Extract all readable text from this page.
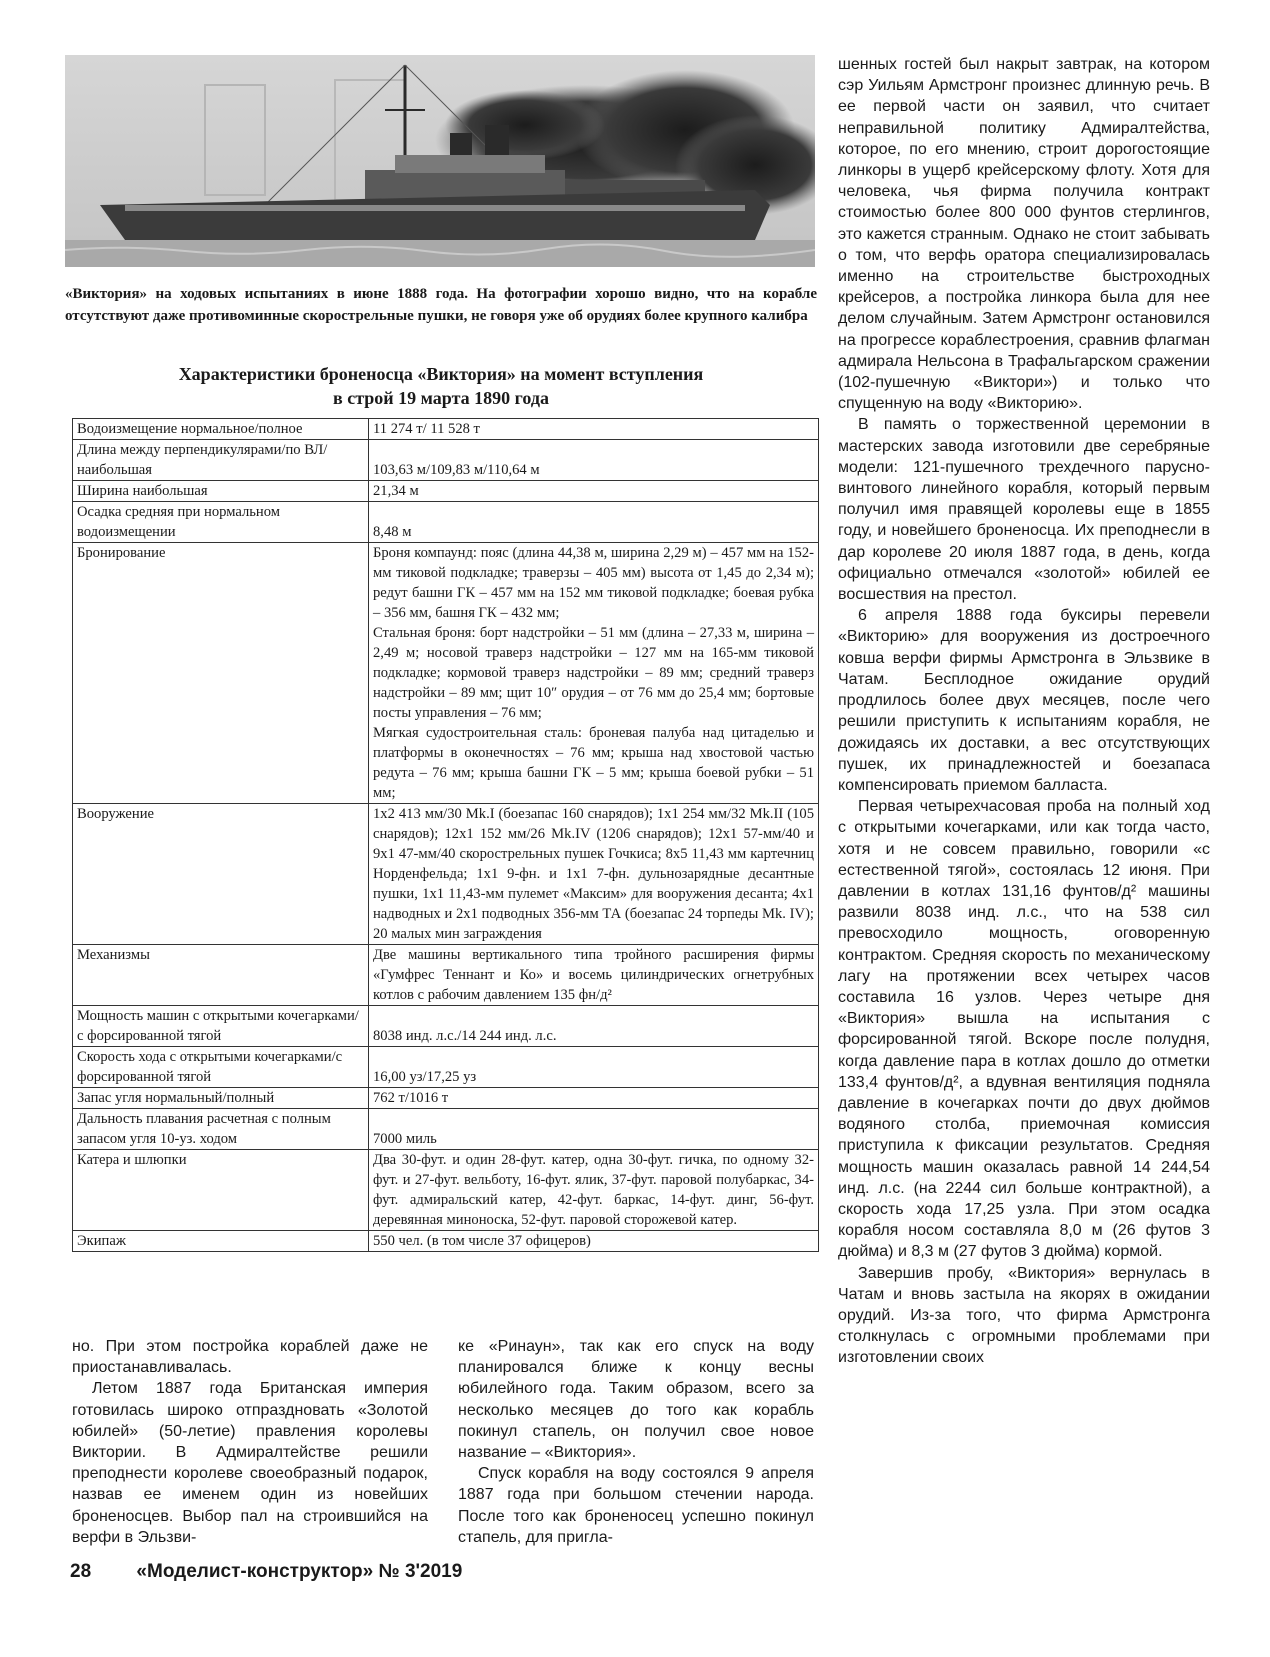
«Виктория» на ходовых испытаниях в июне 1888 года. На фотографии хорошо видно, что на корабле отсутствуют даже противоминные скорострельные пушки, не говоря уже об орудиях более крупного калибра
Характеристики броненосца «Виктория» на момент вступления
в строй 19 марта 1890 года
Водоизмещение нормальное/полное	11 274 т/ 11 528 т
Длина между перпендикулярами/по ВЛ/наибольшая	103,63 м/109,83 м/110,64 м
Ширина наибольшая	21,34 м
Осадка средняя при нормальном водоизмещении	8,48 м
Бронирование	Броня компаунд: пояс (длина 44,38 м, ширина 2,29 м) – 457 мм на 152-мм тиковой подкладке; траверзы – 405 мм) высота от 1,45 до 2,34 м); редут башни ГК – 457 мм на 152 мм тиковой подкладке; боевая рубка – 356 мм, башня ГК – 432 мм;
Стальная броня: борт надстройки – 51 мм (длина – 27,33 м, ширина – 2,49 м; носовой траверз надстройки – 127 мм на 165-мм тиковой подкладке; кормовой траверз надстройки – 89 мм; средний траверз надстройки – 89 мм; щит 10″ орудия – от 76 мм до 25,4 мм; бортовые посты управления – 76 мм;
Мягкая судостроительная сталь: броневая палуба над цитаделью и платформы в оконечностях – 76 мм; крыша над хвостовой частью редута – 76 мм; крыша башни ГК – 5 мм; крыша боевой рубки – 51 мм;

Вооружение	1x2 413 мм/30 Mk.I (боезапас 160 снарядов); 1x1 254 мм/32 Mk.II (105 снарядов); 12x1 152 мм/26 Mk.IV (1206 снарядов); 12x1 57-мм/40 и 9x1 47-мм/40 скорострельных пушек Гочкиса; 8x5 11,43 мм картечниц Норденфельда; 1x1 9-фн. и 1x1 7-фн. дульнозарядные десантные пушки, 1x1 11,43-мм пулемет «Максим» для вооружения десанта; 4x1 надводных и 2x1 подводных 356-мм ТА (боезапас 24 торпеды Mk. IV); 20 малых мин заграждения
Механизмы	Две машины вертикального типа тройного расширения фирмы «Гумфрес Теннант и Ко» и восемь цилиндрических огнетрубных котлов с рабочим давлением 135 фн/д²
Мощность машин с открытыми кочегарками/с форсированной тягой	8038 инд. л.с./14 244 инд. л.с.
Скорость хода с открытыми кочегарками/с форсированной тягой	16,00 уз/17,25 уз
Запас угля нормальный/полный	762 т/1016 т
Дальность плавания расчетная с полным запасом угля 10-уз. ходом	7000 миль
Катера и шлюпки	Два 30-фут. и один 28-фут. катер, одна 30-фут. гичка, по одному 32-фут. и 27-фут. вельботу, 16-фут. ялик, 37-фут. паровой полубаркас, 34-фут. адмиральский катер, 42-фут. баркас, 14-фут. динг, 56-фут. деревянная миноноска, 52-фут. паровой сторожевой катер.
Экипаж	550 чел. (в том числе 37 офицеров)

шенных гостей был накрыт завтрак, на котором сэр Уильям Армстронг произнес длинную речь. В ее первой части он заявил, что считает неправильной политику Адмиралтейства, которое, по его мнению, строит дорогостоящие линкоры в ущерб крейсерскому флоту. Хотя для человека, чья фирма получила контракт стоимостью более 800 000 фунтов стерлингов, это кажется странным. Однако не стоит забывать о том, что верфь оратора специализировалась именно на строительстве быстроходных крейсеров, а постройка линкора была для нее делом случайным. Затем Армстронг остановился на прогрессе кораблестроения, сравнив флагман адмирала Нельсона в Трафальгарском сражении (102-пушечную «Виктори») и только что спущенную на воду «Викторию».

В память о торжественной церемонии в мастерских завода изготовили две серебряные модели: 121-пушечного трехдечного парусно-винтового линейного корабля, который первым получил имя правящей королевы еще в 1855 году, и новейшего броненосца. Их преподнесли в дар королеве 20 июля 1887 года, в день, когда официально отмечался «золотой» юбилей ее восшествия на престол.

6 апреля 1888 года буксиры перевели «Викторию» для вооружения из достроечного ковша верфи фирмы Армстронга в Эльзвике в Чатам. Бесплодное ожидание орудий продлилось более двух месяцев, после чего решили приступить к испытаниям корабля, не дожидаясь их доставки, а вес отсутствующих пушек, их принадлежностей и боезапаса компенсировать приемом балласта.

Первая четырехчасовая проба на полный ход с открытыми кочегарками, или как тогда часто, хотя и не совсем правильно, говорили «с естественной тягой», состоялась 12 июня. При давлении в котлах 131,16 фунтов/д² машины развили 8038 инд. л.с., что на 538 сил превосходило мощность, оговоренную контрактом. Средняя скорость по механическому лагу на протяжении всех четырех часов составила 16 узлов. Через четыре дня «Виктория» вышла на испытания с форсированной тягой. Вскоре после полудня, когда давление пара в котлах дошло до отметки 133,4 фунтов/д², а вдувная вентиляция подняла давление в кочегарках почти до двух дюймов водяного столба, приемочная комиссия приступила к фиксации результатов. Средняя мощность машин оказалась равной 14 244,54 инд. л.с. (на 2244 сил больше контрактной), а скорость хода 17,25 узла. При этом осадка корабля носом составляла 8,0 м (26 футов 3 дюйма) и 8,3 м (27 футов 3 дюйма) кормой.

Завершив пробу, «Виктория» вернулась в Чатам и вновь застыла на якорях в ожидании орудий. Из-за того, что фирма Армстронга столкнулась с огромными проблемами при изготовлении своих

но. При этом постройка кораблей даже не приостанавливалась.

Летом 1887 года Британская империя готовилась широко отпраздновать «Золотой юбилей» (50-летие) правления королевы Виктории. В Адмиралтействе решили преподнести королеве своеобразный подарок, назвав ее именем один из новейших броненосцев. Выбор пал на строившийся на верфи в Эльзви-

ке «Ринаун», так как его спуск на воду планировался ближе к концу весны юбилейного года. Таким образом, всего за несколько месяцев до того как корабль покинул стапель, он получил свое новое название – «Виктория».

Спуск корабля на воду состоялся 9 апреля 1887 года при большом стечении народа. После того как броненосец успешно покинул стапель, для пригла-

28 «Моделист-конструктор» № 3'2019
